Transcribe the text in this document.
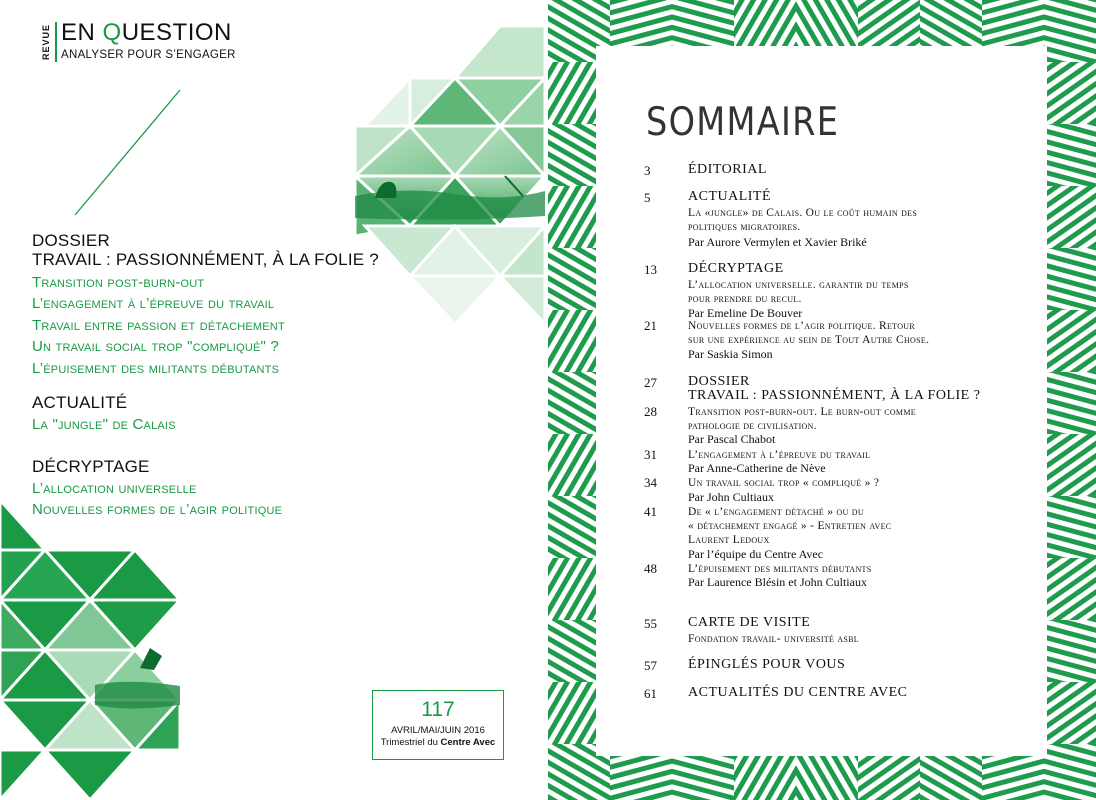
REVUE EN QUESTION
ANALYSER POUR S’ENGAGER
DOSSIER
TRAVAIL : PASSIONNÉMENT, À LA FOLIE ?
Transition post-burn-out
L’engagement à l’épreuve du travail
Travail entre passion et détachement
Un travail social trop "compliqué" ?
L’épuisement des militants débutants
ACTUALITÉ
La "jungle" de Calais
DÉCRYPTAGE
L’allocation universelle
Nouvelles formes de l’agir politique
117
AVRIL/MAI/JUIN 2016
Trimestriel du Centre Avec
SOMMAIRE
3	ÉDITORIAL
5	ACTUALITÉ
La «jungle» de Calais. Ou le coût humain des
politiques migratoires.
Par Aurore Vermylen et Xavier Briké
13 DÉCRYPTAGE
L’allocation universelle. garantir du temps
pour prendre du recul.
Par Emeline De Bouver
21	Nouvelles formes de l’agir politique. Retour
sur une expérience au sein de Tout Autre Chose.
Par Saskia Simon
27 DOSSIER
TRAVAIL : PASSIONNÉMENT, À LA FOLIE ?
28	Transition post-burn-out. Le burn-out comme
pathologie de civilisation.
Par Pascal Chabot
31	L’engagement à l’épreuve du travail
Par Anne-Catherine de Nève
34	Un travail social trop « compliqué » ?
Par John Cultiaux
41	De « l’engagement détaché » ou du
« détachement engagé » - Entretien avec
Laurent Ledoux
Par l’équipe du Centre Avec
48	L’épuisement des militants débutants
Par Laurence Blésin et John Cultiaux
55 CARTE DE VISITE
Fondation travail- université asbl
57 ÉPINGLÉS POUR VOUS
61 ACTUALITÉS DU CENTRE AVEC
